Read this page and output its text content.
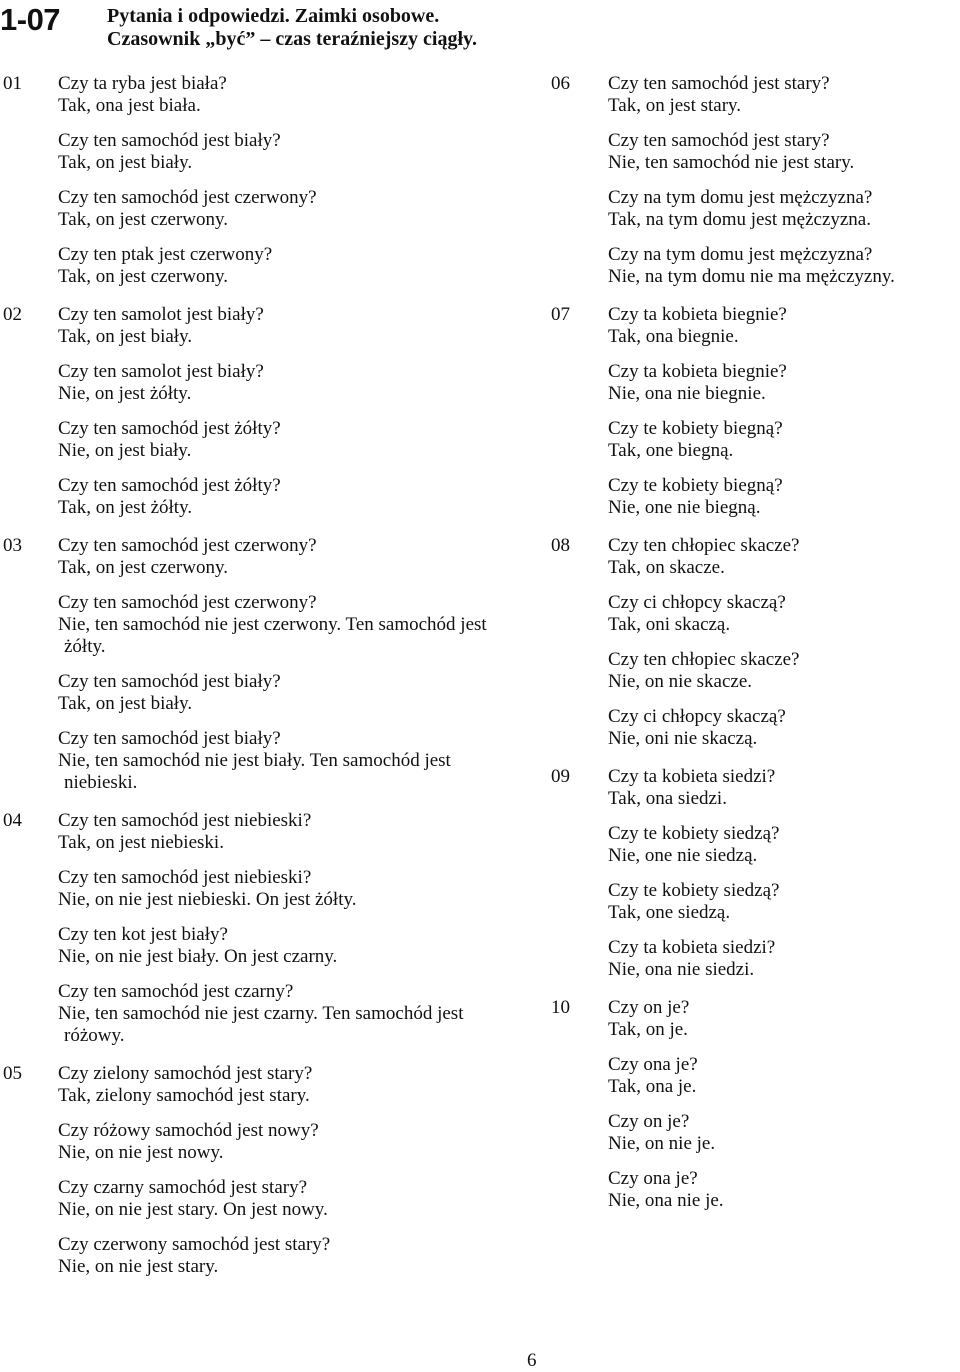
1-07 Pytania i odpowiedzi. Zaimki osobowe.
Czasownik „być” – czas teraźniejszy ciągły.
01 Czy ta ryba jest biała?
Tak, ona jest biała.
Czy ten samochód jest biały?
Tak, on jest biały.
Czy ten samochód jest czerwony?
Tak, on jest czerwony.
Czy ten ptak jest czerwony?
Tak, on jest czerwony.
02 Czy ten samolot jest biały?
Tak, on jest biały.
Czy ten samolot jest biały?
Nie, on jest żółty.
Czy ten samochód jest żółty?
Nie, on jest biały.
Czy ten samochód jest żółty?
Tak, on jest żółty.
03 Czy ten samochód jest czerwony?
Tak, on jest czerwony.
Czy ten samochód jest czerwony?
Nie, ten samochód nie jest czerwony. Ten samochód jest żółty.
Czy ten samochód jest biały?
Tak, on jest biały.
Czy ten samochód jest biały?
Nie, ten samochód nie jest biały. Ten samochód jest niebieski.
04 Czy ten samochód jest niebieski?
Tak, on jest niebieski.
Czy ten samochód jest niebieski?
Nie, on nie jest niebieski. On jest żółty.
Czy ten kot jest biały?
Nie, on nie jest biały. On jest czarny.
Czy ten samochód jest czarny?
Nie, ten samochód nie jest czarny. Ten samochód jest różowy.
05 Czy zielony samochód jest stary?
Tak, zielony samochód jest stary.
Czy różowy samochód jest nowy?
Nie, on nie jest nowy.
Czy czarny samochód jest stary?
Nie, on nie jest stary. On jest nowy.
Czy czerwony samochód jest stary?
Nie, on nie jest stary.
06 Czy ten samochód jest stary?
Tak, on jest stary.
Czy ten samochód jest stary?
Nie, ten samochód nie jest stary.
Czy na tym domu jest mężczyzna?
Tak, na tym domu jest mężczyzna.
Czy na tym domu jest mężczyzna?
Nie, na tym domu nie ma mężczyzny.
07 Czy ta kobieta biegnie?
Tak, ona biegnie.
Czy ta kobieta biegnie?
Nie, ona nie biegnie.
Czy te kobiety biegną?
Tak, one biegną.
Czy te kobiety biegną?
Nie, one nie biegną.
08 Czy ten chłopiec skacze?
Tak, on skacze.
Czy ci chłopcy skaczą?
Tak, oni skaczą.
Czy ten chłopiec skacze?
Nie, on nie skacze.
Czy ci chłopcy skaczą?
Nie, oni nie skaczą.
09 Czy ta kobieta siedzi?
Tak, ona siedzi.
Czy te kobiety siedzą?
Nie, one nie siedzą.
Czy te kobiety siedzą?
Tak, one siedzą.
Czy ta kobieta siedzi?
Nie, ona nie siedzi.
10 Czy on je?
Tak, on je.
Czy ona je?
Tak, ona je.
Czy on je?
Nie, on nie je.
Czy ona je?
Nie, ona nie je.
6
